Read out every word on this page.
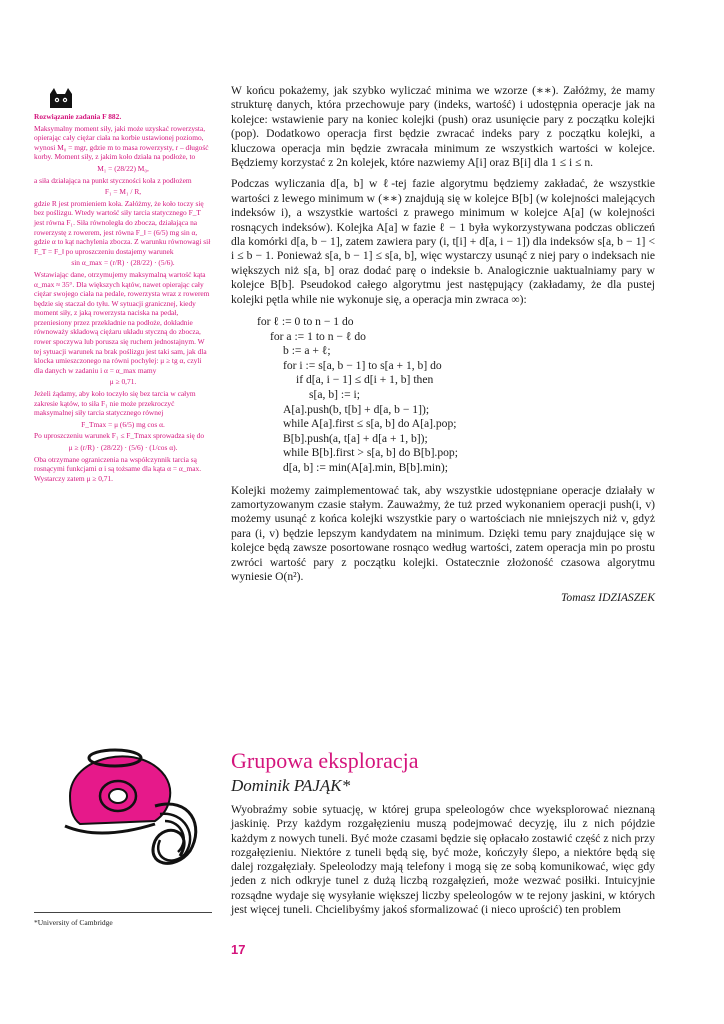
Rozwiązanie zadania F 882.

Maksymalny moment siły, jaki może uzyskać rowerzysta, opierając cały ciężar ciała na korbie ustawionej poziomo, wynosi M₀ = mgr, gdzie m to masa rowerzysty, r – długość korby. Moment siły, z jakim koło działa na podłoże, to

M₁ = (28/22) M₀,

a siła działająca na punkt styczności koła z podłożem

F₁ = M₁ / R,

gdzie R jest promieniem koła. Załóżmy, że koło toczy się bez poślizgu. Wtedy wartość siły tarcia statycznego F_T jest równa F₁. Siła równoległa do zbocza, działająca na rowerzystę z rowerem, jest równa F_ǁ = (6/5) mg sin α, gdzie α to kąt nachylenia zbocza. Z warunku równowagi sił F_T = F_ǁ po uproszczeniu dostajemy warunek

sin α_max = (r/R) · (28/22) · (5/6).

Wstawiając dane, otrzymujemy maksymalną wartość kąta α_max ≈ 35°. Dla większych kątów, nawet opierając cały ciężar swojego ciała na pedale, rowerzysta wraz z rowerem będzie się staczał do tyłu. W sytuacji granicznej, kiedy moment siły, z jaką rowerzysta naciska na pedał, przeniesiony przez przekładnie na podłoże, dokładnie równoważy składową ciężaru układu styczną do zbocza, rower spoczywa lub porusza się ruchem jednostajnym. W tej sytuacji warunek na brak poślizgu jest taki sam, jak dla klocka umieszczonego na równi pochyłej: μ ≥ tg α, czyli dla danych w zadaniu i α = α_max mamy

μ ≥ 0,71.

Jeżeli żądamy, aby koło toczyło się bez tarcia w całym zakresie kątów, to siła F₁ nie może przekroczyć maksymalnej siły tarcia statycznego równej

F_Tmax = μ (6/5) mg cos α.

Po uproszczeniu warunek F₁ ≤ F_Tmax sprowadza się do

μ ≥ (r/R) · (28/22) · (5/6) · (1/cos α).

Oba otrzymane ograniczenia na współczynnik tarcia są rosnącymi funkcjami α i są tożsame dla kąta α = α_max. Wystarczy zatem μ ≥ 0,71.

W końcu pokażemy, jak szybko wyliczać minima we wzorze (∗∗). Załóżmy, że mamy strukturę danych, która przechowuje pary (indeks, wartość) i udostępnia operacje jak na kolejce: wstawienie pary na koniec kolejki (push) oraz usunięcie pary z początku kolejki (pop). Dodatkowo operacja first będzie zwracać indeks pary z początku kolejki, a kluczowa operacja min będzie zwracała minimum ze wszystkich wartości w kolejce. Będziemy korzystać z 2n kolejek, które nazwiemy A[i] oraz B[i] dla 1 ≤ i ≤ n.

Podczas wyliczania d[a, b] w ℓ-tej fazie algorytmu będziemy zakładać, że wszystkie wartości z lewego minimum w (∗∗) znajdują się w kolejce B[b] (w kolejności malejących indeksów i), a wszystkie wartości z prawego minimum w kolejce A[a] (w kolejności rosnących indeksów). Kolejka A[a] w fazie ℓ − 1 była wykorzystywana podczas obliczeń dla komórki d[a, b − 1], zatem zawiera pary (i, t[i] + d[a, i − 1]) dla indeksów s[a, b − 1] < i ≤ b − 1. Ponieważ s[a, b − 1] ≤ s[a, b], więc wystarczy usunąć z niej pary o indeksach nie większych niż s[a, b] oraz dodać parę o indeksie b. Analogicznie uaktualniamy pary w kolejce B[b]. Pseudokod całego algorytmu jest następujący (zakładamy, że dla pustej kolejki pętla while nie wykonuje się, a operacja min zwraca ∞):

for ℓ := 0 to n − 1 do
for a := 1 to n − ℓ do
b := a + ℓ;
for i := s[a, b − 1] to s[a + 1, b] do
if d[a, i − 1] ≤ d[i + 1, b] then
s[a, b] := i;
A[a].push(b, t[b] + d[a, b − 1]);
while A[a].first ≤ s[a, b] do A[a].pop;
B[b].push(a, t[a] + d[a + 1, b]);
while B[b].first > s[a, b] do B[b].pop;
d[a, b] := min(A[a].min, B[b].min);

Kolejki możemy zaimplementować tak, aby wszystkie udostępniane operacje działały w zamortyzowanym czasie stałym. Zauważmy, że tuż przed wykonaniem operacji push(i, v) możemy usunąć z końca kolejki wszystkie pary o wartościach nie mniejszych niż v, gdyż para (i, v) będzie lepszym kandydatem na minimum. Dzięki temu pary znajdujące się w kolejce będą zawsze posortowane rosnąco według wartości, zatem operacja min po prostu zwróci wartość pary z początku kolejki. Ostatecznie złożoność czasowa algorytmu wyniesie O(n²).

Tomasz IDZIASZEK
Grupowa eksploracja
Dominik PAJĄK*

Wyobraźmy sobie sytuację, w której grupa speleologów chce wyeksplorować nieznaną jaskinię. Przy każdym rozgałęzieniu muszą podejmować decyzję, ilu z nich pójdzie każdym z nowych tuneli. Być może czasami będzie się opłacało zostawić część z nich przy rozgałęzieniu. Niektóre z tuneli będą się, być może, kończyły ślepo, a niektóre będą się dalej rozgałęziały. Speleolodzy mają telefony i mogą się ze sobą komunikować, więc gdy jeden z nich odkryje tunel z dużą liczbą rozgałęzień, może wezwać posiłki. Intuicyjnie rozsądne wydaje się wysyłanie większej liczby speleologów w te rejony jaskini, w których jest więcej tuneli. Chcielibyśmy jakoś sformalizować (i nieco uprościć) ten problem

*University of Cambridge
17
